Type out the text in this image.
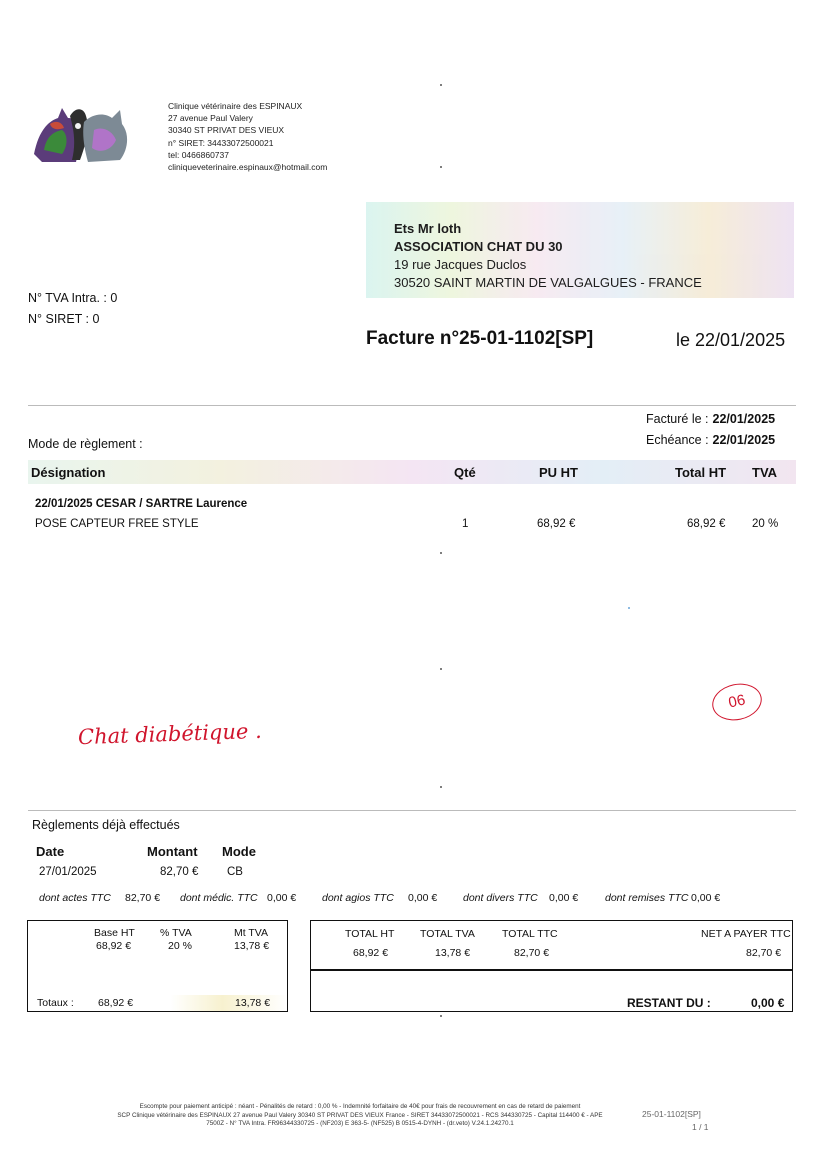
Clinique vétérinaire des ESPINAUX
27 avenue Paul Valery
30340 ST PRIVAT DES VIEUX
n° SIRET: 34433072500021
tel: 0466860737
cliniqueveterinaire.espinaux@hotmail.com
Ets Mr loth
ASSOCIATION CHAT DU 30
19 rue Jacques Duclos
30520 SAINT MARTIN DE VALGALGUES - FRANCE
N° TVA Intra. : 0
N° SIRET : 0
Facture n°25-01-1102[SP]	le 22/01/2025
Facturé le : 22/01/2025
Echéance : 22/01/2025
Mode de règlement :
Désignation	Qté	PU HT	Total HT TVA
22/01/2025 CESAR / SARTRE Laurence
POSE CAPTEUR FREE STYLE	1	68,92 €	68,92 € 20 %
Chat diabétique .
06
Règlements déjà effectués
Date	Montant Mode
27/01/2025	82,70 € CB
dont actes TTC 82,70 € dont médic. TTC 0,00 € dont agios TTC 0,00 € dont divers TTC 0,00 €	dont remises TTC 0,00 €
Base HT % TVA	Mt TVA
68,92 €	20 %	13,78 €
Totaux : 68,92 €	13,78 €
TOTAL HT TOTAL TVA	TOTAL TTC	NET A PAYER TTC
68,92 €	13,78 €	82,70 €	82,70 €
RESTANT DU :	0,00 €
Escompte pour paiement anticipé : néant - Pénalités de retard : 0,00 % - Indemnité forfaitaire de 40€ pour frais de recouvrement en cas de retard de paiement
SCP Clinique vétérinaire des ESPINAUX 27 avenue Paul Valery 30340 ST PRIVAT DES VIEUX France - SIRET 34433072500021 - RCS 344330725 - Capital 114400 € - APE
7500Z - N° TVA Intra. FR96344330725 - (NF203) E 363-5- (NF525) B 0515-4-DYNH - (dr.veto) V.24.1.24270.1
25-01-1102[SP]
1 / 1
